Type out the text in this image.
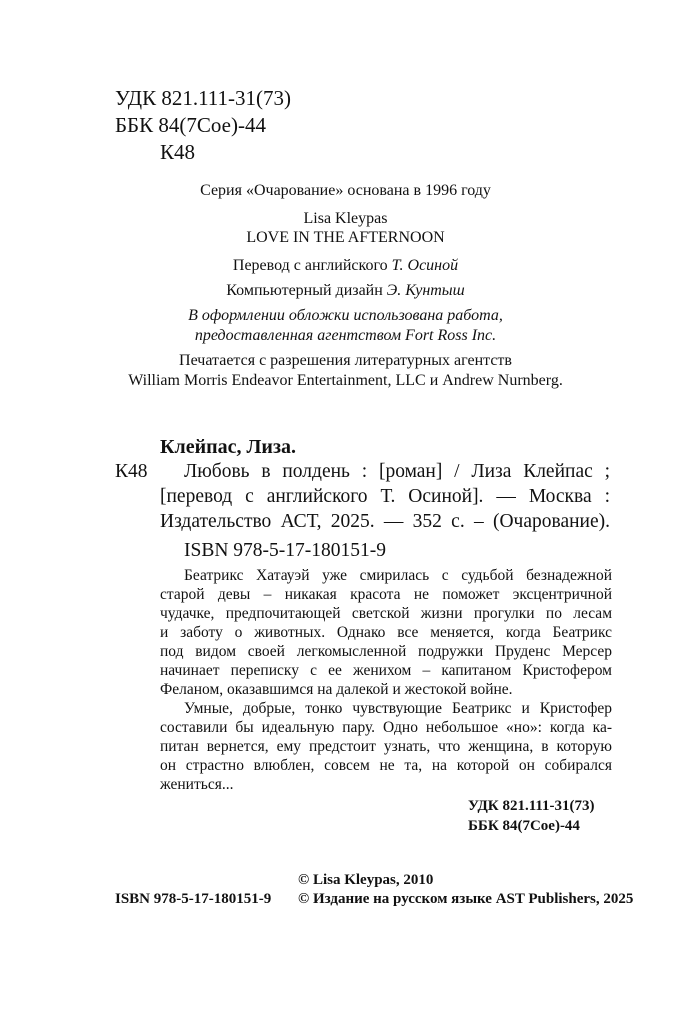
УДК 821.111-31(73)
ББК 84(7Сое)-44
К48
Серия «Очарование» основана в 1996 году
Lisa Kleypas
LOVE IN THE AFTERNOON
Перевод с английского Т. Осиной
Компьютерный дизайн Э. Кунтыш
В оформлении обложки использована работа,
предоставленная агентством Fort Ross Inc.
Печатается с разрешения литературных агентств
William Morris Endeavor Entertainment, LLC и Andrew Nurnberg.
Клейпас, Лиза.
К48 Любовь в полдень : [роман] / Лиза Клейпас ;
[перевод с английского Т. Осиной]. — Москва :
Издательство АСТ, 2025. — 352 с. – (Очарование).
ISBN 978-5-17-180151-9
Беатрикс Хатауэй уже смирилась с судьбой безнадежной
старой девы – никакая красота не поможет эксцентричной
чудачке, предпочитающей светской жизни прогулки по лесам
и заботу о животных. Однако все меняется, когда Беатрикс
под видом своей легкомысленной подружки Пруденс Мерсер
начинает переписку с ее женихом – капитаном Кристофером
Феланом, оказавшимся на далекой и жестокой войне.
Умные, добрые, тонко чувствующие Беатрикс и Кристофер
составили бы идеальную пару. Одно небольшое «но»: когда ка-
питан вернется, ему предстоит узнать, что женщина, в которую
он страстно влюблен, совсем не та, на которой он собирался
жениться...
УДК 821.111-31(73)
ББК 84(7Сое)-44
© Lisa Kleypas, 2010
ISBN 978-5-17-180151-9 © Издание на русском языке AST Publishers, 2025
